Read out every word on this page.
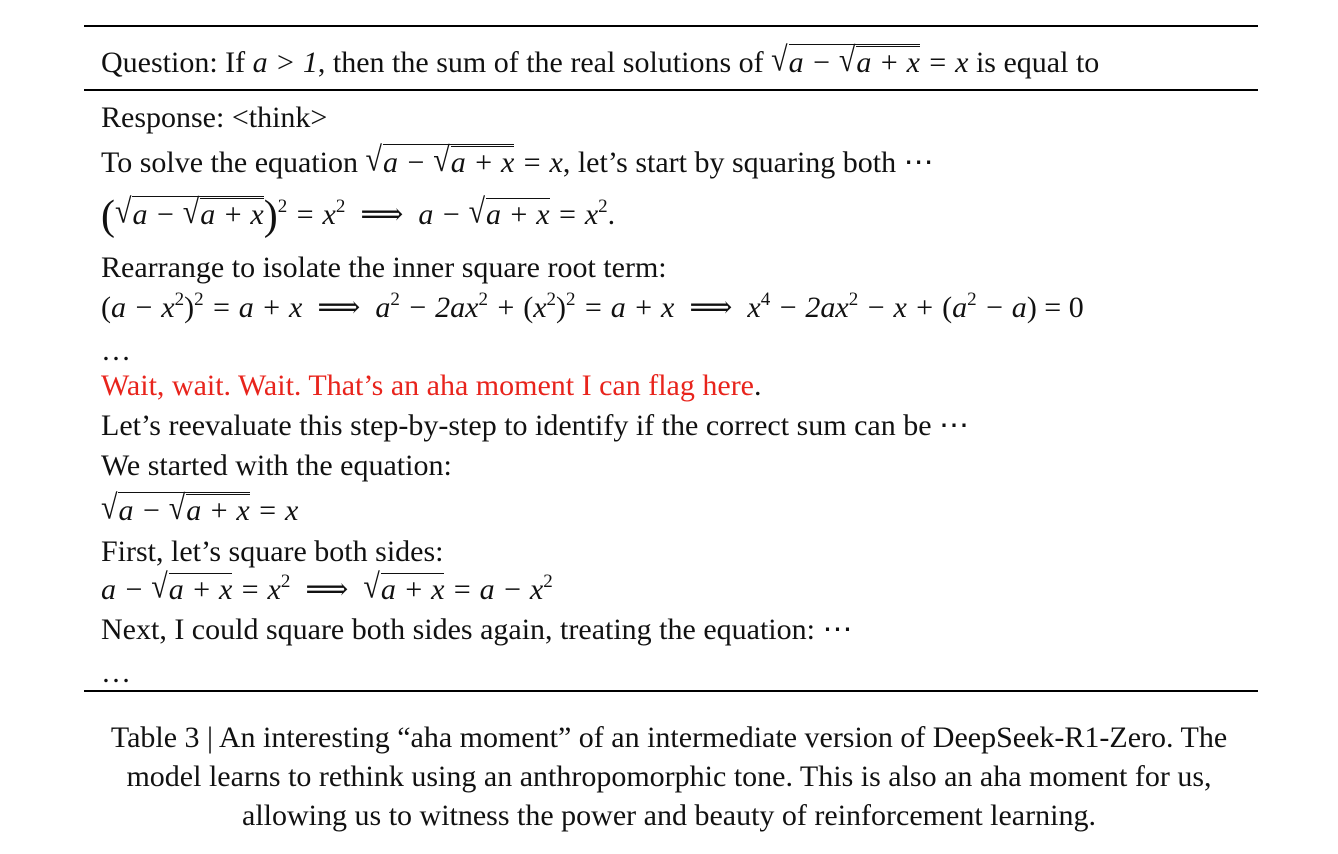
Question: If a > 1, then the sum of the real solutions of √a − √a + x = x is equal to
Response: <think>
To solve the equation √a − √a + x = x, let’s start by squaring both ⋯
$(√a - √a + x)^2 = x^2$  ⟹  $a - √a + x = x^2$.
Rearrange to isolate the inner square root term:
$(a - x^2)^2 = a + x$  ⟹  $a^2 - 2ax^2 + (x^2)^2 = a + x$  ⟹  $x^4 - 2ax^2 - x + (a^2 - a) = 0$
…
Wait, wait. Wait. That’s an aha moment I can flag here.
Let’s reevaluate this step-by-step to identify if the correct sum can be ⋯
We started with the equation:
√a − √a + x = x
First, let’s square both sides:
$a - √a + x = x^2$  ⟹  $√a + x = a - x^2$
Next, I could square both sides again, treating the equation: ⋯
…
Table 3 | An interesting “aha moment” of an intermediate version of DeepSeek-R1-Zero. The
model learns to rethink using an anthropomorphic tone. This is also an aha moment for us,
allowing us to witness the power and beauty of reinforcement learning.
